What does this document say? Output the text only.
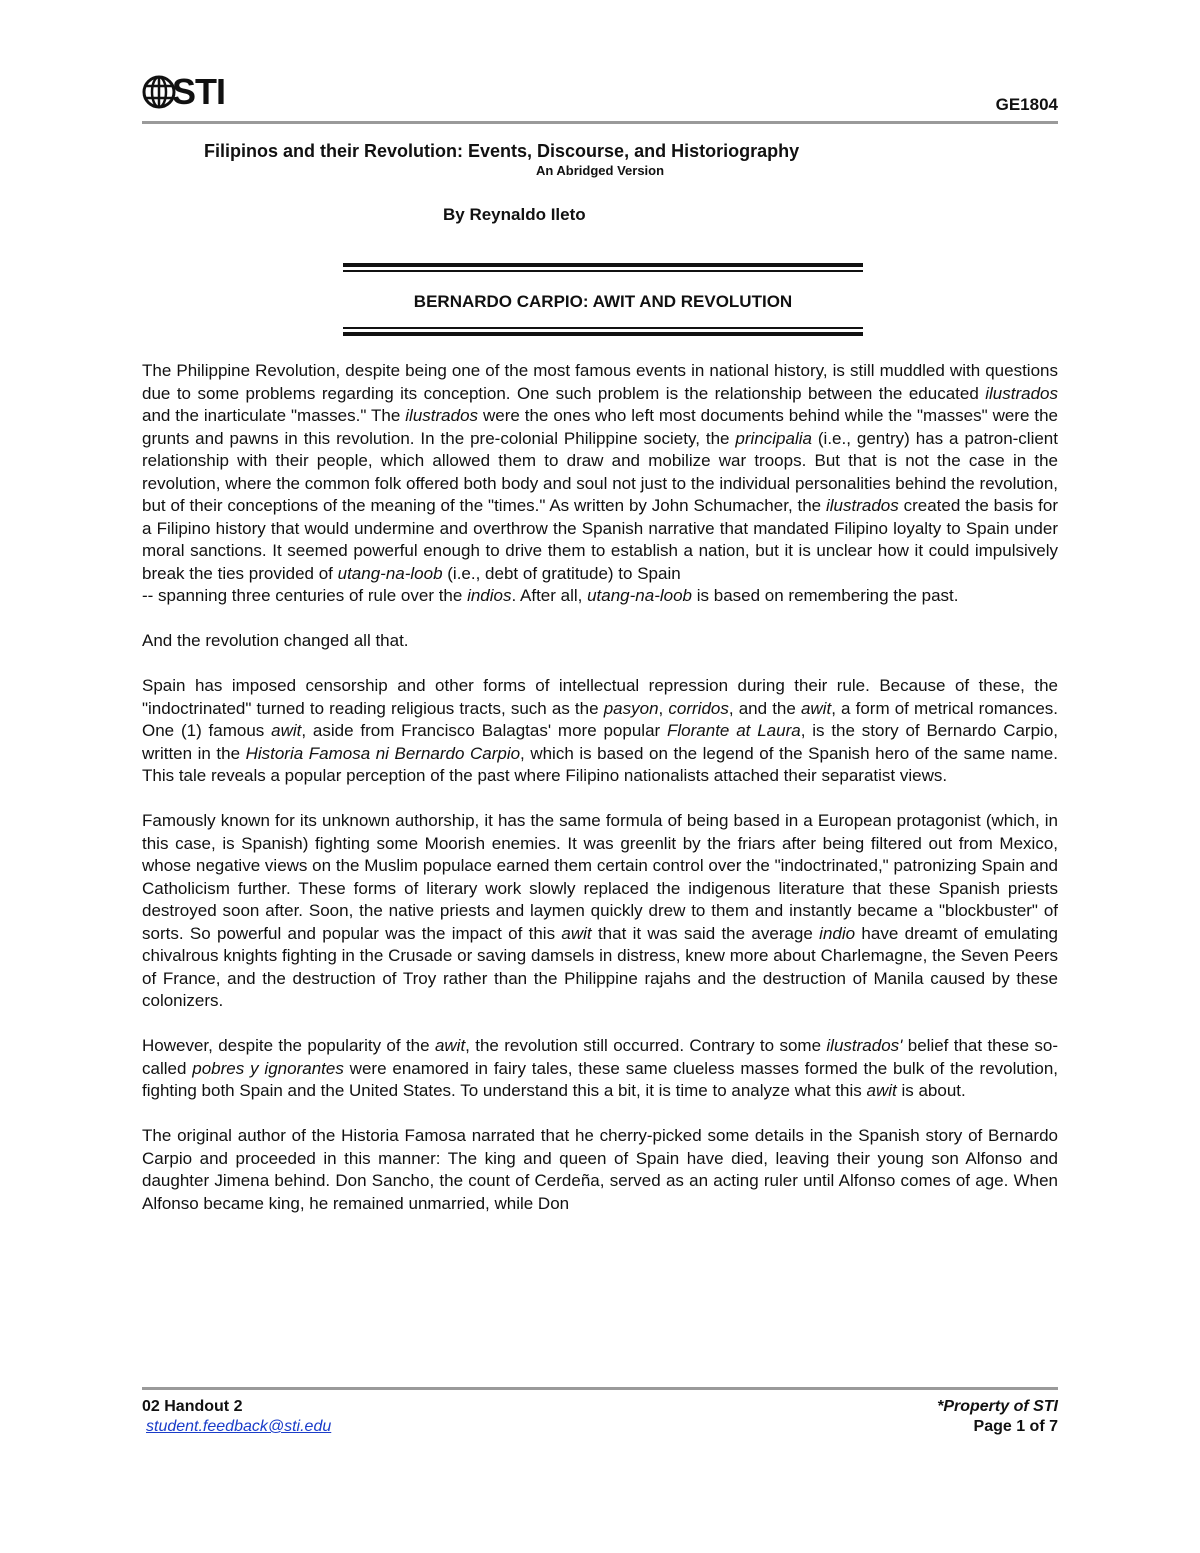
STI	GE1804
Filipinos and their Revolution: Events, Discourse, and Historiography
An Abridged Version
By Reynaldo Ileto
BERNARDO CARPIO: AWIT AND REVOLUTION

The Philippine Revolution, despite being one of the most famous events in national history, is still muddled with questions due to some problems regarding its conception. One such problem is the relationship between the educated ilustrados and the inarticulate "masses." The ilustrados were the ones who left most documents behind while the "masses" were the grunts and pawns in this revolution. In the pre-colonial Philippine society, the principalia (i.e., gentry) has a patron-client relationship with their people, which allowed them to draw and mobilize war troops. But that is not the case in the revolution, where the common folk offered both body and soul not just to the individual personalities behind the revolution, but of their conceptions of the meaning of the "times." As written by John Schumacher, the ilustrados created the basis for a Filipino history that would undermine and overthrow the Spanish narrative that mandated Filipino loyalty to Spain under moral sanctions. It seemed powerful enough to drive them to establish a nation, but it is unclear how it could impulsively break the ties provided of utang-na-loob (i.e., debt of gratitude) to Spain

-- spanning three centuries of rule over the indios. After all, utang-na-loob is based on remembering the past.

And the revolution changed all that.

Spain has imposed censorship and other forms of intellectual repression during their rule. Because of these, the "indoctrinated" turned to reading religious tracts, such as the pasyon, corridos, and the awit, a form of metrical romances. One (1) famous awit, aside from Francisco Balagtas' more popular Florante at Laura, is the story of Bernardo Carpio, written in the Historia Famosa ni Bernardo Carpio, which is based on the legend of the Spanish hero of the same name. This tale reveals a popular perception of the past where Filipino nationalists attached their separatist views.

Famously known for its unknown authorship, it has the same formula of being based in a European protagonist (which, in this case, is Spanish) fighting some Moorish enemies. It was greenlit by the friars after being filtered out from Mexico, whose negative views on the Muslim populace earned them certain control over the "indoctrinated," patronizing Spain and Catholicism further. These forms of literary work slowly replaced the indigenous literature that these Spanish priests destroyed soon after. Soon, the native priests and laymen quickly drew to them and instantly became a "blockbuster" of sorts. So powerful and popular was the impact of this awit that it was said the average indio have dreamt of emulating chivalrous knights fighting in the Crusade or saving damsels in distress, knew more about Charlemagne, the Seven Peers of France, and the destruction of Troy rather than the Philippine rajahs and the destruction of Manila caused by these colonizers.

However, despite the popularity of the awit, the revolution still occurred. Contrary to some ilustrados' belief that these so-called pobres y ignorantes were enamored in fairy tales, these same clueless masses formed the bulk of the revolution, fighting both Spain and the United States. To understand this a bit, it is time to analyze what this awit is about.

The original author of the Historia Famosa narrated that he cherry-picked some details in the Spanish story of Bernardo Carpio and proceeded in this manner: The king and queen of Spain have died, leaving their young son Alfonso and daughter Jimena behind. Don Sancho, the count of Cerdeña, served as an acting ruler until Alfonso comes of age. When Alfonso became king, he remained unmarried, while Don

02 Handout 2
student.feedback@sti.edu
*Property of STI
Page 1 of 7
